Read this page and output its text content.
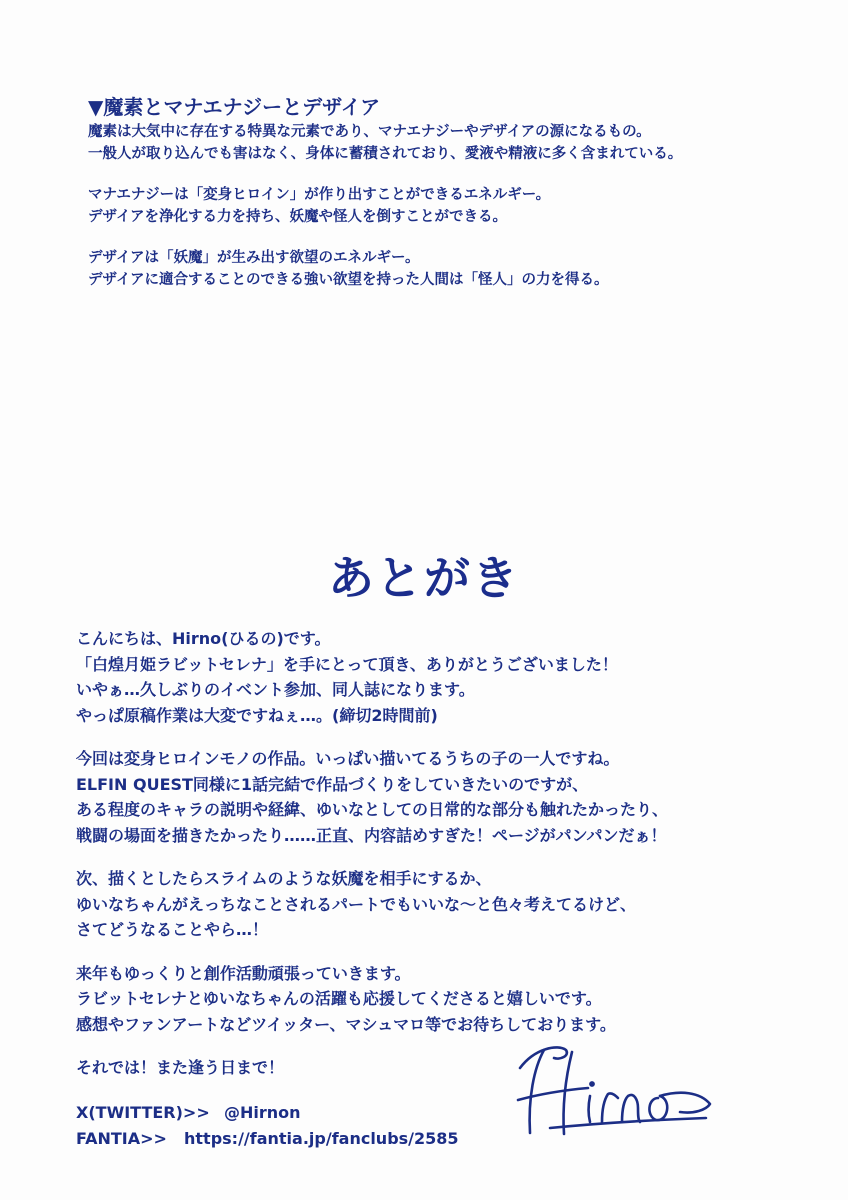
▼魔素とマナエナジーとデザイア
魔素は大気中に存在する特異な元素であり、マナエナジーやデザイアの源になるもの。
一般人が取り込んでも害はなく、身体に蓄積されており、愛液や精液に多く含まれている。
マナエナジーは「変身ヒロイン」が作り出すことができるエネルギー。
デザイアを浄化する力を持ち、妖魔や怪人を倒すことができる。
デザイアは「妖魔」が生み出す欲望のエネルギー。
デザイアに適合することのできる強い欲望を持った人間は「怪人」の力を得る。
あとがき
こんにちは、Hirno(ひるの)です。
「白煌月姫ラビットセレナ」を手にとって頂き、ありがとうございました！
いやぁ…久しぶりのイベント参加、同人誌になります。
やっぱ原稿作業は大変ですねぇ…。(締切2時間前)
今回は変身ヒロインモノの作品。いっぱい描いてるうちの子の一人ですね。
ELFIN QUEST同様に1話完結で作品づくりをしていきたいのですが、
ある程度のキャラの説明や経緯、ゆいなとしての日常的な部分も触れたかったり、
戦闘の場面を描きたかったり……正直、内容詰めすぎた！ページがパンパンだぁ！
次、描くとしたらスライムのような妖魔を相手にするか、
ゆいなちゃんがえっちなことされるパートでもいいな～と色々考えてるけど、
さてどうなることやら…！
来年もゆっくりと創作活動頑張っていきます。
ラビットセレナとゆいなちゃんの活躍も応援してくださると嬉しいです。
感想やファンアートなどツイッター、マシュマロ等でお待ちしております。
それでは！また逢う日まで！
X(TWITTER)>> @Hirnon
FANTIA>> https://fantia.jp/fanclubs/2585
